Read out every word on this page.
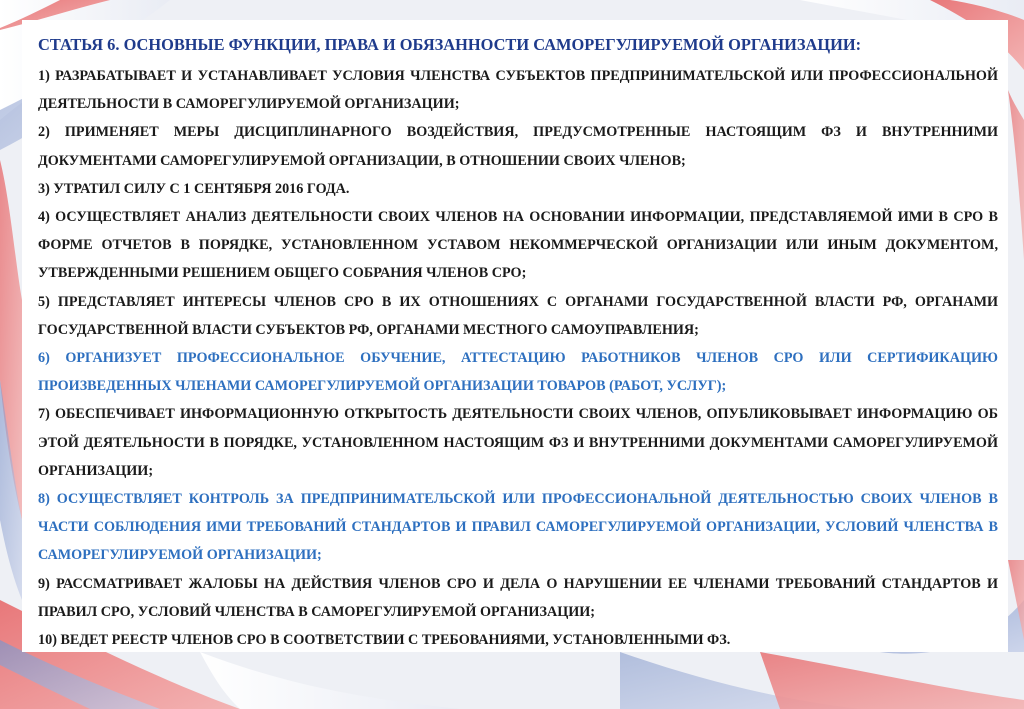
СТАТЬЯ 6. ОСНОВНЫЕ ФУНКЦИИ, ПРАВА И ОБЯЗАННОСТИ САМОРЕГУЛИРУЕМОЙ ОРГАНИЗАЦИИ:

1) РАЗРАБАТЫВАЕТ И УСТАНАВЛИВАЕТ УСЛОВИЯ ЧЛЕНСТВА СУБЪЕКТОВ ПРЕДПРИНИМАТЕЛЬСКОЙ ИЛИ ПРОФЕССИОНАЛЬНОЙ ДЕЯТЕЛЬНОСТИ В САМОРЕГУЛИРУЕМОЙ ОРГАНИЗАЦИИ;

2) ПРИМЕНЯЕТ МЕРЫ ДИСЦИПЛИНАРНОГО ВОЗДЕЙСТВИЯ, ПРЕДУСМОТРЕННЫЕ НАСТОЯЩИМ ФЗ И ВНУТРЕННИМИ ДОКУМЕНТАМИ САМОРЕГУЛИРУЕМОЙ ОРГАНИЗАЦИИ, В ОТНОШЕНИИ СВОИХ ЧЛЕНОВ;

3) УТРАТИЛ СИЛУ С 1 СЕНТЯБРЯ 2016 ГОДА.

4) ОСУЩЕСТВЛЯЕТ АНАЛИЗ ДЕЯТЕЛЬНОСТИ СВОИХ ЧЛЕНОВ НА ОСНОВАНИИ ИНФОРМАЦИИ, ПРЕДСТАВЛЯЕМОЙ ИМИ В СРО В ФОРМЕ ОТЧЕТОВ В ПОРЯДКЕ, УСТАНОВЛЕННОМ УСТАВОМ НЕКОММЕРЧЕСКОЙ ОРГАНИЗАЦИИ ИЛИ ИНЫМ ДОКУМЕНТОМ, УТВЕРЖДЕННЫМИ РЕШЕНИЕМ ОБЩЕГО СОБРАНИЯ ЧЛЕНОВ СРО;

5) ПРЕДСТАВЛЯЕТ ИНТЕРЕСЫ ЧЛЕНОВ СРО В ИХ ОТНОШЕНИЯХ С ОРГАНАМИ ГОСУДАРСТВЕННОЙ ВЛАСТИ РФ, ОРГАНАМИ ГОСУДАРСТВЕННОЙ ВЛАСТИ СУБЪЕКТОВ РФ, ОРГАНАМИ МЕСТНОГО САМОУПРАВЛЕНИЯ;

6) ОРГАНИЗУЕТ ПРОФЕССИОНАЛЬНОЕ ОБУЧЕНИЕ, АТТЕСТАЦИЮ РАБОТНИКОВ ЧЛЕНОВ СРО ИЛИ СЕРТИФИКАЦИЮ ПРОИЗВЕДЕННЫХ ЧЛЕНАМИ САМОРЕГУЛИРУЕМОЙ ОРГАНИЗАЦИИ ТОВАРОВ (РАБОТ, УСЛУГ);

7) ОБЕСПЕЧИВАЕТ ИНФОРМАЦИОННУЮ ОТКРЫТОСТЬ ДЕЯТЕЛЬНОСТИ СВОИХ ЧЛЕНОВ, ОПУБЛИКОВЫВАЕТ ИНФОРМАЦИЮ ОБ ЭТОЙ ДЕЯТЕЛЬНОСТИ В ПОРЯДКЕ, УСТАНОВЛЕННОМ НАСТОЯЩИМ ФЗ И ВНУТРЕННИМИ ДОКУМЕНТАМИ САМОРЕГУЛИРУЕМОЙ ОРГАНИЗАЦИИ;

8) ОСУЩЕСТВЛЯЕТ КОНТРОЛЬ ЗА ПРЕДПРИНИМАТЕЛЬСКОЙ ИЛИ ПРОФЕССИОНАЛЬНОЙ ДЕЯТЕЛЬНОСТЬЮ СВОИХ ЧЛЕНОВ В ЧАСТИ СОБЛЮДЕНИЯ ИМИ ТРЕБОВАНИЙ СТАНДАРТОВ И ПРАВИЛ САМОРЕГУЛИРУЕМОЙ ОРГАНИЗАЦИИ, УСЛОВИЙ ЧЛЕНСТВА В САМОРЕГУЛИРУЕМОЙ ОРГАНИЗАЦИИ;

9) РАССМАТРИВАЕТ ЖАЛОБЫ НА ДЕЙСТВИЯ ЧЛЕНОВ СРО И ДЕЛА О НАРУШЕНИИ ЕЕ ЧЛЕНАМИ ТРЕБОВАНИЙ СТАНДАРТОВ И ПРАВИЛ СРО, УСЛОВИЙ ЧЛЕНСТВА В САМОРЕГУЛИРУЕМОЙ ОРГАНИЗАЦИИ;

10) ВЕДЕТ РЕЕСТР ЧЛЕНОВ СРО В СООТВЕТСТВИИ С ТРЕБОВАНИЯМИ, УСТАНОВЛЕННЫМИ ФЗ.
